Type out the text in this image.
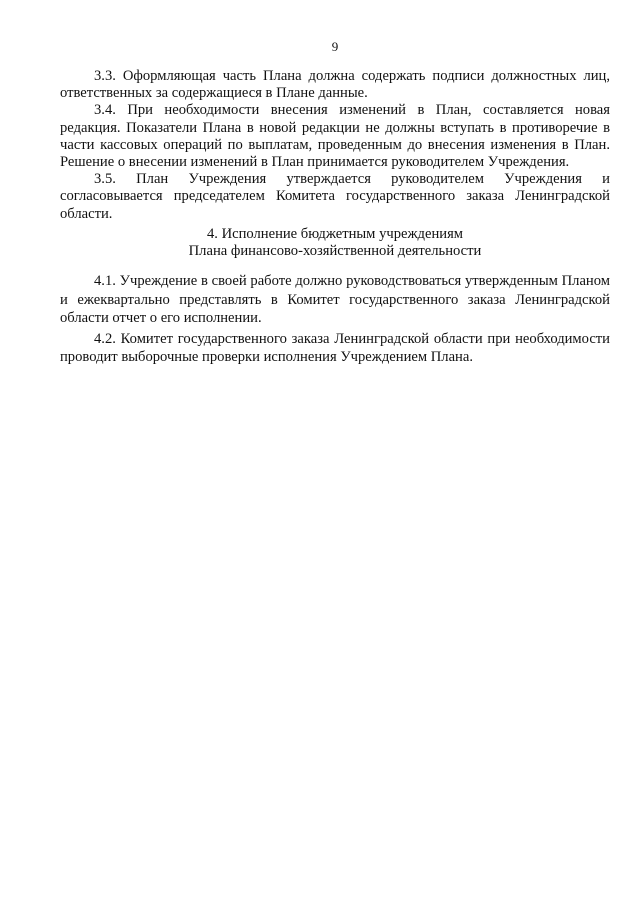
9

3.3. Оформляющая часть Плана должна содержать подписи должностных лиц, ответственных за содержащиеся в Плане данные.

3.4. При необходимости внесения изменений в План, составляется новая редакция. Показатели Плана в новой редакции не должны вступать в противоречие в части кассовых операций по выплатам, проведенным до внесения изменения в План. Решение о внесении изменений в План принимается руководителем Учреждения.

3.5. План Учреждения утверждается руководителем Учреждения и согласовывается председателем Комитета государственного заказа Ленинградской области.

4. Исполнение бюджетным учреждениям
Плана финансово-хозяйственной деятельности

4.1. Учреждение в своей работе должно руководствоваться утвержденным Планом и ежеквартально представлять в Комитет государственного заказа Ленинградской области отчет о его исполнении.

4.2. Комитет государственного заказа Ленинградской области при необходимости проводит выборочные проверки исполнения Учреждением Плана.
